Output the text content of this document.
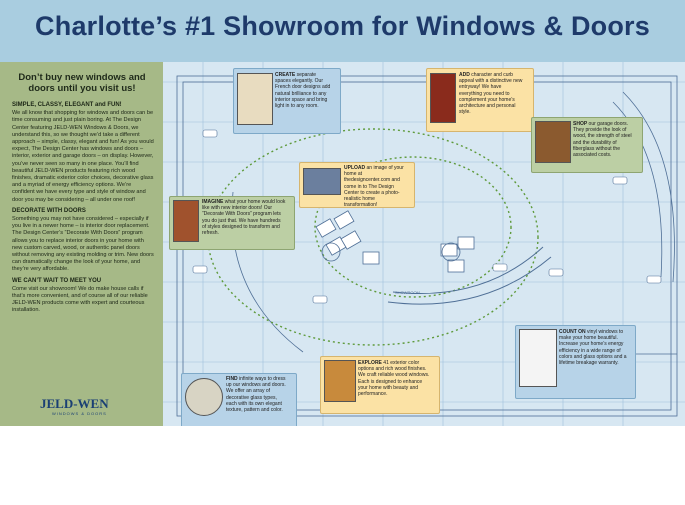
Charlotte’s #1 Showroom for Windows & Doors
Don’t buy new windows and doors until you visit us!
SIMPLE, CLASSY, ELEGANT and FUN!

We all know that shopping for windows and doors can be time consuming and just plain boring. At The Design Center featuring JELD-WEN Windows & Doors, we understand this, so we thought we’d take a different approach – simple, classy, elegant and fun! As you would expect, The Design Center has windows and doors – interior, exterior and garage doors – on display. However, you’ve never seen so many in one place. You’ll find beautiful JELD-WEN products featuring rich wood finishes, dramatic exterior color choices, decorative glass and a myriad of energy efficiency options. We’re confident we have every type and style of window and door you may be considering – all under one roof!

DECORATE WITH DOORS

Something you may not have considered – especially if you live in a newer home – is interior door replacement. The Design Center’s “Decorate With Doors” program allows you to replace interior doors in your home with new custom carved, wood, or authentic panel doors without removing any existing molding or trim. New doors can dramatically change the look of your home, and they’re very affordable.

WE CAN’T WAIT TO MEET YOU

Come visit our showroom! We do make house calls if that’s more convenient, and of course all of our reliable JELD-WEN products come with expert and courteous installation.

JELD-WEN
WINDOWS & DOORS
SHOWROOM
CREATE separate spaces elegantly. Our French door designs add natural brilliance to any interior space and bring light in to any room.
ADD character and curb appeal with a distinctive new entryway! We have everything you need to complement your home’s architecture and personal style.
SHOP our garage doors. They provide the look of wood, the strength of steel and the durability of fiberglass without the associated costs.
UPLOAD an image of your home at thedesigncenter.com and come in to The Design Center to create a photo-realistic home transformation!
IMAGINE what your home would look like with new interior doors! Our “Decorate With Doors” program lets you do just that. We have hundreds of styles designed to transform and refresh.
COUNT ON vinyl windows to make your home beautiful. Increase your home’s energy efficiency in a wide range of colors and glass options and a lifetime breakage warranty.
EXPLORE 41 exterior color options and rich wood finishes. We craft reliable wood windows. Each is designed to enhance your home with beauty and performance.
FIND infinite ways to dress up our windows and doors. We offer an array of decorative glass types, each with its own elegant texture, pattern and color.
